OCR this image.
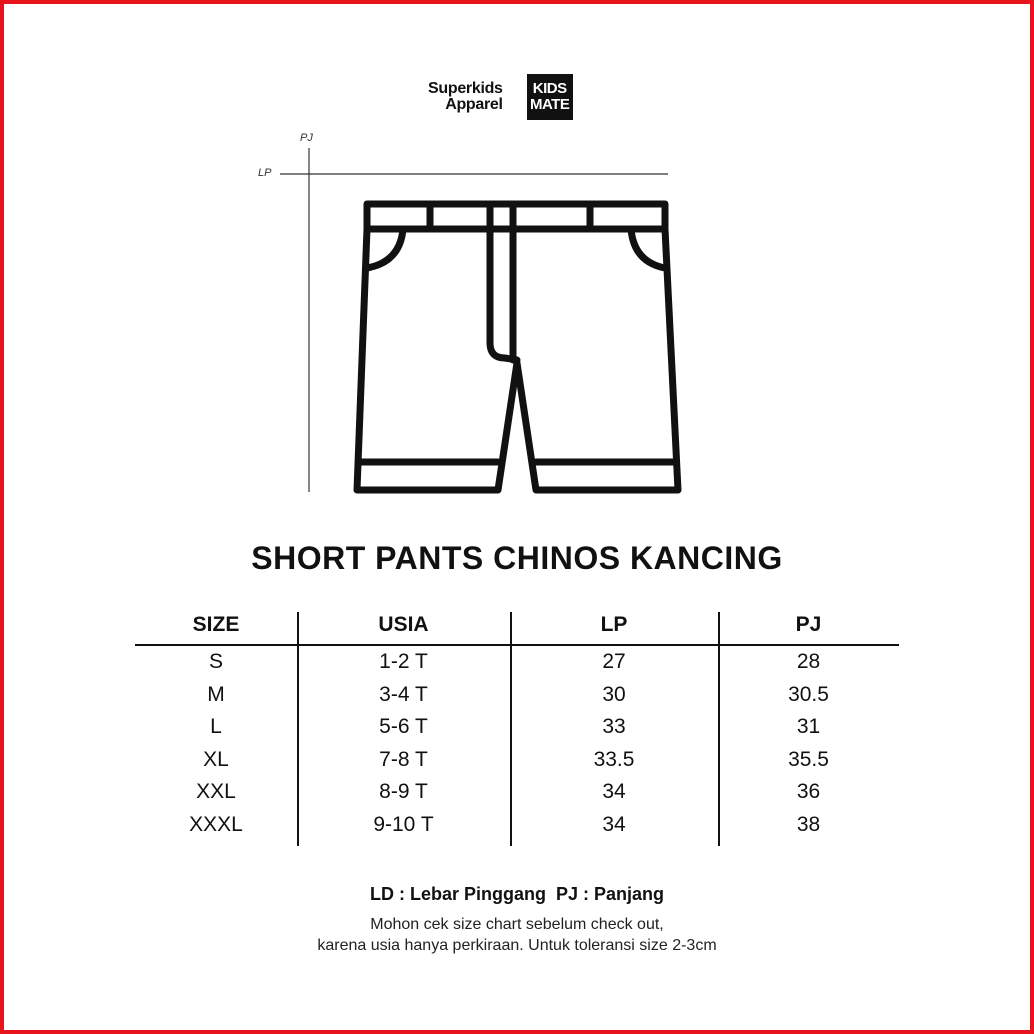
Superkids
Apparel
KIDS
MATE
PJ
LP
SHORT PANTS CHINOS KANCING
SIZE	USIA	LP	PJ
S	1-2 T	27	28
M	3-4 T	30	30.5
L	5-6 T	33	31
XL	7-8 T	33.5	35.5
XXL	8-9 T	34	36
XXXL	9-10 T	34	38
LD : Lebar Pinggang  PJ : Panjang
Mohon cek size chart sebelum check out,
karena usia hanya perkiraan. Untuk toleransi size 2-3cm
